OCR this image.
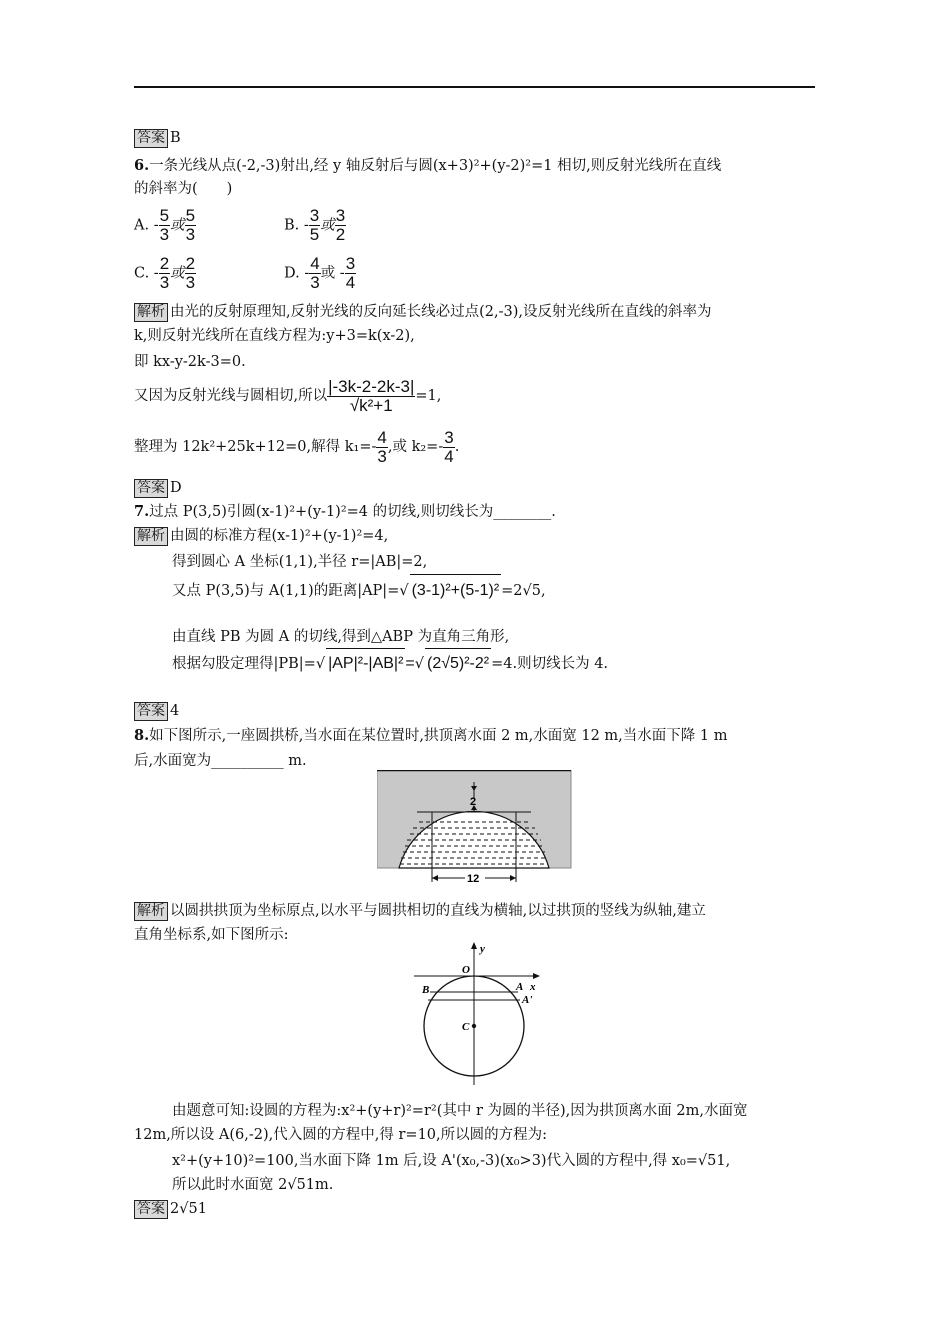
答案 B
6.一条光线从点(-2,-3)射出,经 y 轴反射后与圆(x+3)²+(y-2)²=1 相切,则反射光线所在直线
的斜率为(　　)
A. - $\frac{5}{3}$ 或 $\frac{5}{3}$	B. - $\frac{3}{5}$ 或 $\frac{3}{2}$
C. - $\frac{2}{3}$ 或 $\frac{2}{3}$	D. - $\frac{4}{3}$ 或 - $\frac{3}{4}$
解析 由光的反射原理知,反射光线的反向延长线必过点(2,-3),设反射光线所在直线的斜率为
k,则反射光线所在直线方程为:y+3=k(x-2),
即 kx-y-2k-3=0.
又因为反射光线与圆相切,所以 $\frac{|-3k-2-2k-3|}{\text{√k²+1}} =1$,
整理为 12k²+25k+12=0,解得 $k_1=- \frac{4}{3}$ ,或 $k_2=- \frac{3}{4}$ .
答案 D
7.过点 P(3,5)引圆(x-1)²+(y-1)²=4 的切线,则切线长为________.
解析 由圆的标准方程(x-1)²+(y-1)²=4,
得到圆心 A 坐标(1,1),半径 r=|AB|=2,
又点 P(3,5)与 A(1,1)的距离|AP|=√ (3-1)²+(5-1)² =2√5,
由直线 PB 为圆 A 的切线,得到△ABP 为直角三角形,
根据勾股定理得|PB|=√ |AP|²-|AB|² =√ (2√5)²-2² =4.则切线长为 4.
答案 4
8.如下图所示,一座圆拱桥,当水面在某位置时,拱顶离水面 2 m,水面宽 12 m,当水面下降 1 m
后,水面宽为__________ m.
2
12
解析 以圆拱拱顶为坐标原点,以水平与圆拱相切的直线为横轴,以过拱顶的竖线为纵轴,建立
直角坐标系,如下图所示:
y
x
O
B	A
A'
C
由题意可知:设圆的方程为:x²+(y+r)²=r²(其中 r 为圆的半径),因为拱顶离水面 2m,水面宽
12m,所以设 A(6,-2),代入圆的方程中,得 r=10,所以圆的方程为:
x²+(y+10)²=100,当水面下降 1m 后,设 A'(x₀,-3)(x₀>3)代入圆的方程中,得 x₀=√51,
所以此时水面宽 2√51m.
答案 2√51
